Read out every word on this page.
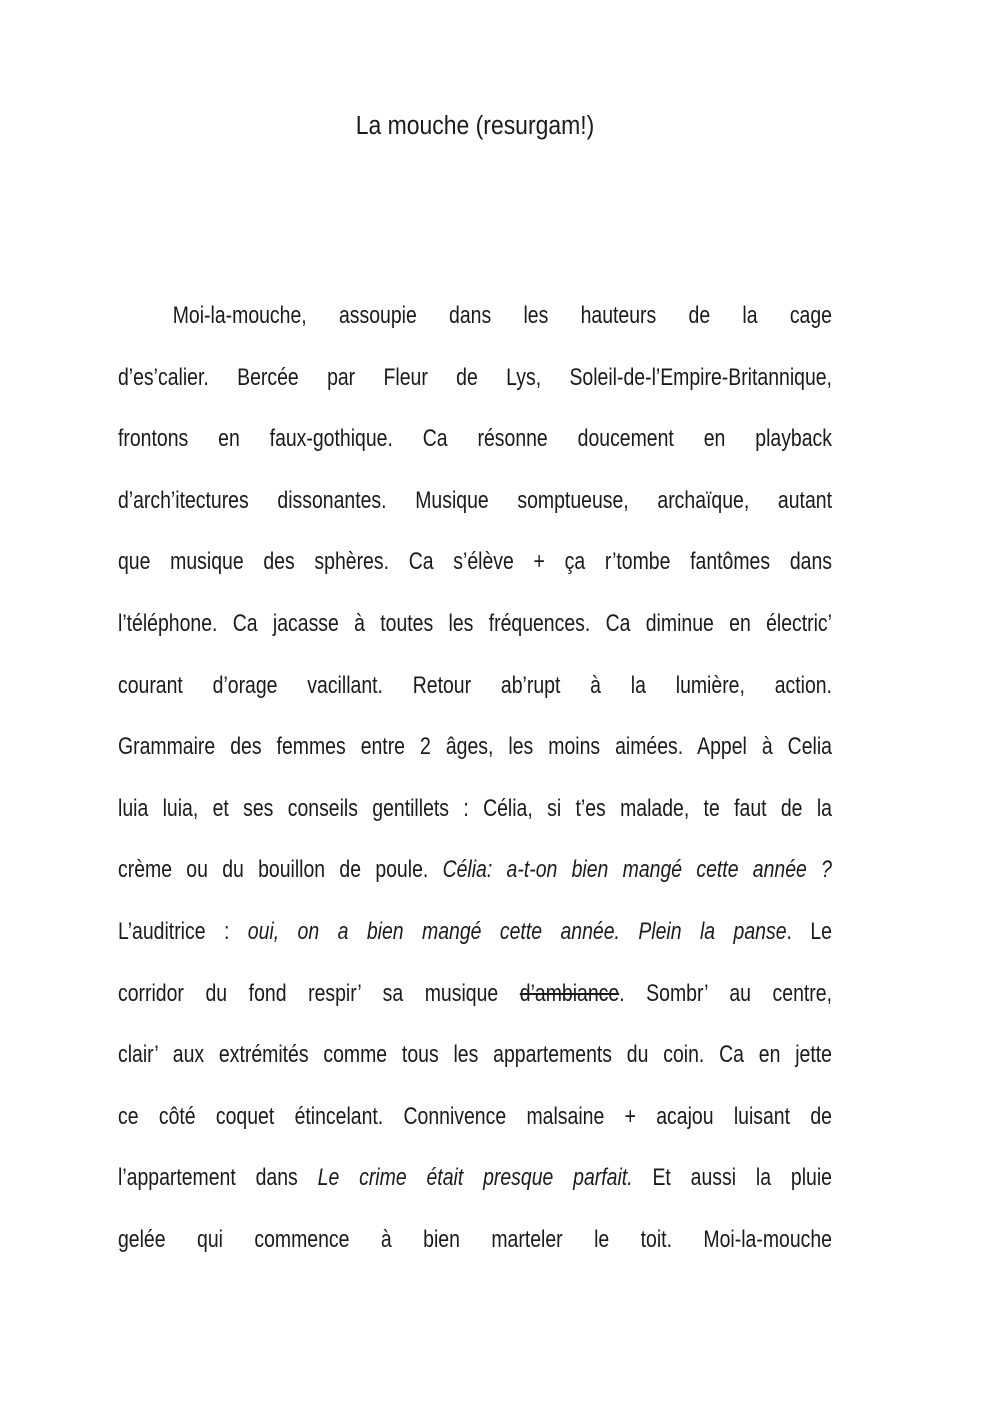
La mouche (resurgam!)
Moi-la-mouche, assoupie dans les hauteurs de la cage
d’es’calier. Bercée par Fleur de Lys, Soleil-de-l’Empire-Britannique,
frontons en faux-gothique. Ca résonne doucement en playback
d’arch’itectures dissonantes. Musique somptueuse, archaïque, autant
que musique des sphères. Ca s’élève + ça r’tombe fantômes dans
l’téléphone. Ca jacasse à toutes les fréquences. Ca diminue en électric’
courant d’orage vacillant. Retour ab’rupt à la lumière, action.
Grammaire des femmes entre 2 âges, les moins aimées. Appel à Celia
luia luia, et ses conseils gentillets : Célia, si t’es malade, te faut de la
crème ou du bouillon de poule. Célia: a-t-on bien mangé cette année ?
L’auditrice : oui, on a bien mangé cette année. Plein la panse. Le
corridor du fond respir’ sa musique d’ambiance. Sombr’ au centre,
clair’ aux extrémités comme tous les appartements du coin. Ca en jette
ce côté coquet étincelant. Connivence malsaine + acajou luisant de
l’appartement dans Le crime était presque parfait. Et aussi la pluie
gelée qui commence à bien marteler le toit. Moi-la-mouche
